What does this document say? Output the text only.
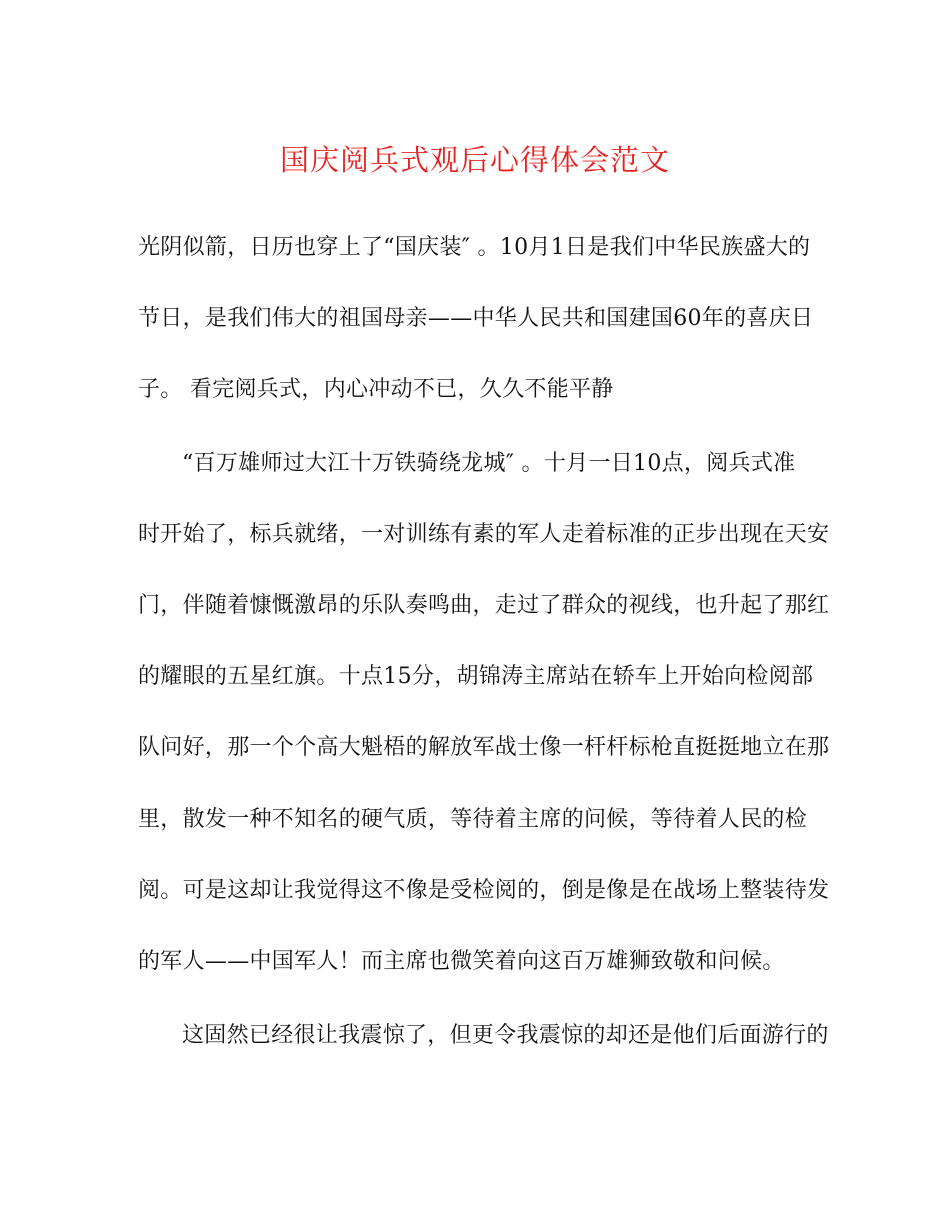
国庆阅兵式观后心得体会范文
光阴似箭，日历也穿上了“国庆装″ 。10月1日是我们中华民族盛大的
节日，是我们伟大的祖国母亲——中华人民共和国建国60年的喜庆日
子。 看完阅兵式，内心冲动不已，久久不能平静
“百万雄师过大江十万铁骑绕龙城″ 。十月一日10点，阅兵式准
时开始了，标兵就绪，一对训练有素的军人走着标准的正步出现在天安
门，伴随着慷慨激昂的乐队奏鸣曲，走过了群众的视线，也升起了那红
的耀眼的五星红旗。十点15分，胡锦涛主席站在轿车上开始向检阅部
队问好，那一个个高大魁梧的解放军战士像一杆杆标枪直挺挺地立在那
里，散发一种不知名的硬气质，等待着主席的问候，等待着人民的检
阅。可是这却让我觉得这不像是受检阅的，倒是像是在战场上整装待发
的军人——中国军人！而主席也微笑着向这百万雄狮致敬和问候。
这固然已经很让我震惊了，但更令我震惊的却还是他们后面游行的
